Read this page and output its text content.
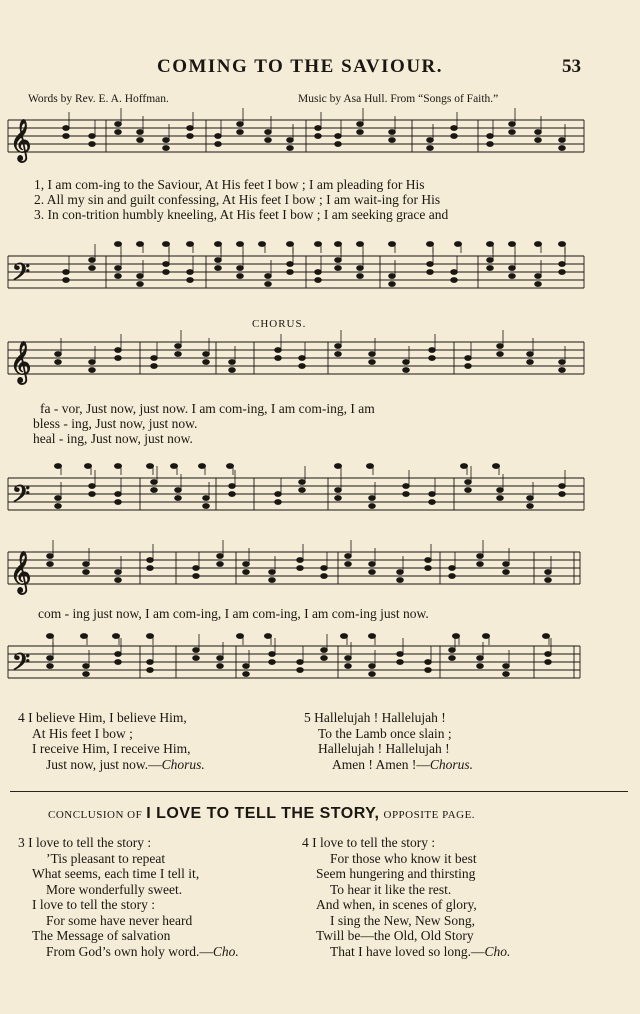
COMING TO THE SAVIOUR.	53
Words by Rev. E. A. Hoffman.	Music by Asa Hull. From “Songs of Faith.”
𝄞
𝄢
𝄞
𝄢
𝄞
𝄢
1, I am com-ing to the Saviour, At His feet I bow ; I am pleading for His
2. All my sin and guilt confessing, At His feet I bow ; I am wait-ing for His
3. In con-trition humbly kneeling, At His feet I bow ; I am seeking grace and
CHORUS.
fa - vor, Just now, just now. I am com-ing, I am com-ing, I am
bless - ing, Just now, just now.
heal - ing, Just now, just now.
com - ing just now, I am com-ing, I am com-ing, I am com-ing just now.
4 I believe Him, I believe Him,
At His feet I bow ;
I receive Him, I receive Him,
Just now, just now.—Chorus.
5 Hallelujah ! Hallelujah !
To the Lamb once slain ;
Hallelujah ! Hallelujah !
Amen ! Amen !—Chorus.
CONCLUSION OF I LOVE TO TELL THE STORY, OPPOSITE PAGE.
3 I love to tell the story :
’Tis pleasant to repeat
What seems, each time I tell it,
More wonderfully sweet.
I love to tell the story :
For some have never heard
The Message of salvation
From God’s own holy word.—Cho.
4 I love to tell the story :
For those who know it best
Seem hungering and thirsting
To hear it like the rest.
And when, in scenes of glory,
I sing the New, New Song,
Twill be—the Old, Old Story
That I have loved so long.—Cho.
